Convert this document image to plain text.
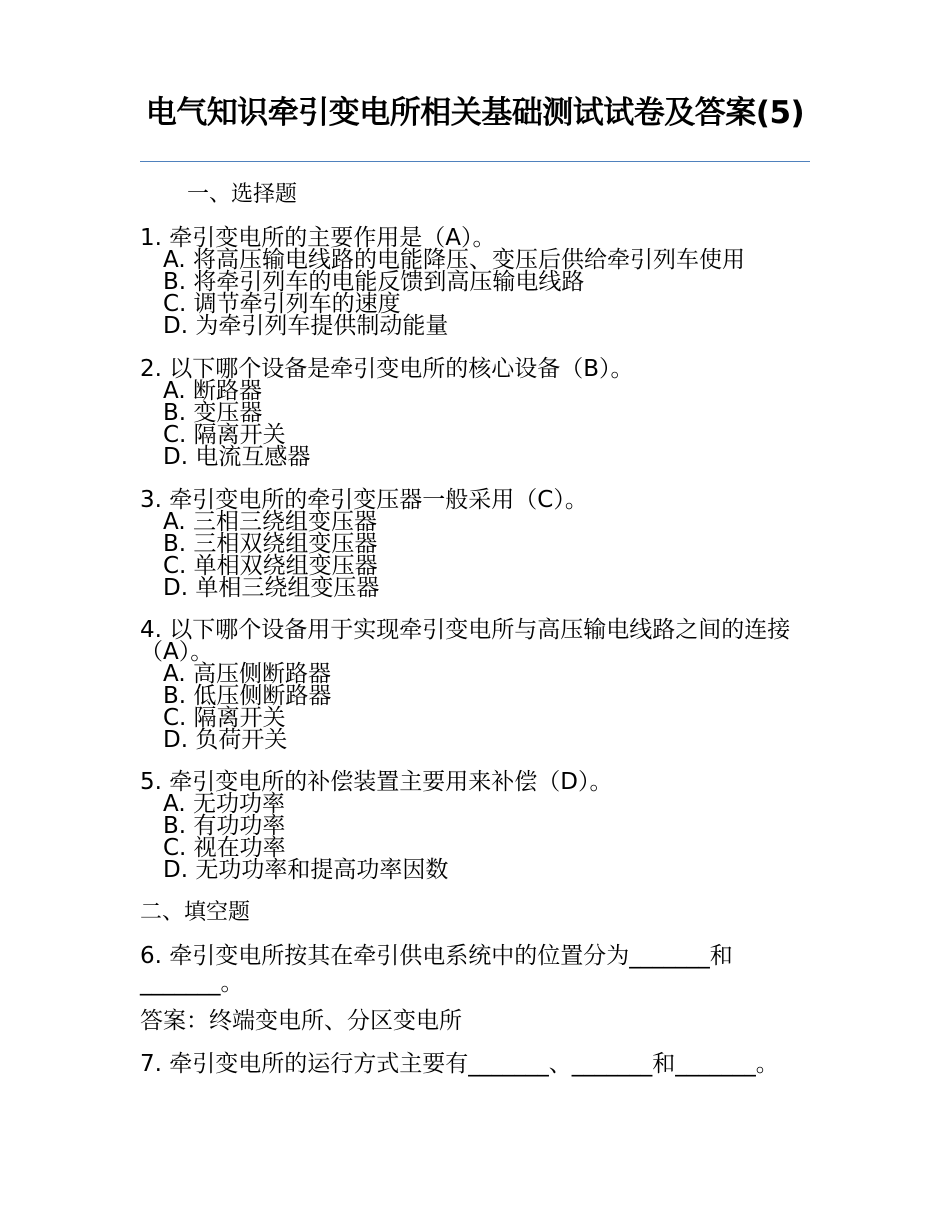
电气知识牵引变电所相关基础测试试卷及答案(5)
一、选择题

1. 牵引变电所的主要作用是（A）。

A. 将高压输电线路的电能降压、变压后供给牵引列车使用

B. 将牵引列车的电能反馈到高压输电线路

C. 调节牵引列车的速度

D. 为牵引列车提供制动能量

2. 以下哪个设备是牵引变电所的核心设备（B）。

A. 断路器

B. 变压器

C. 隔离开关

D. 电流互感器

3. 牵引变电所的牵引变压器一般采用（C）。

A. 三相三绕组变压器

B. 三相双绕组变压器

C. 单相双绕组变压器

D. 单相三绕组变压器

4. 以下哪个设备用于实现牵引变电所与高压输电线路之间的连接（A）。

A. 高压侧断路器

B. 低压侧断路器

C. 隔离开关

D. 负荷开关

5. 牵引变电所的补偿装置主要用来补偿（D）。

A. 无功功率

B. 有功功率

C. 视在功率

D. 无功功率和提高功率因数

二、填空题
6. 牵引变电所按其在牵引供电系统中的位置分为_______和_______。
答案：终端变电所、分区变电所
7. 牵引变电所的运行方式主要有_______、_______和_______。
